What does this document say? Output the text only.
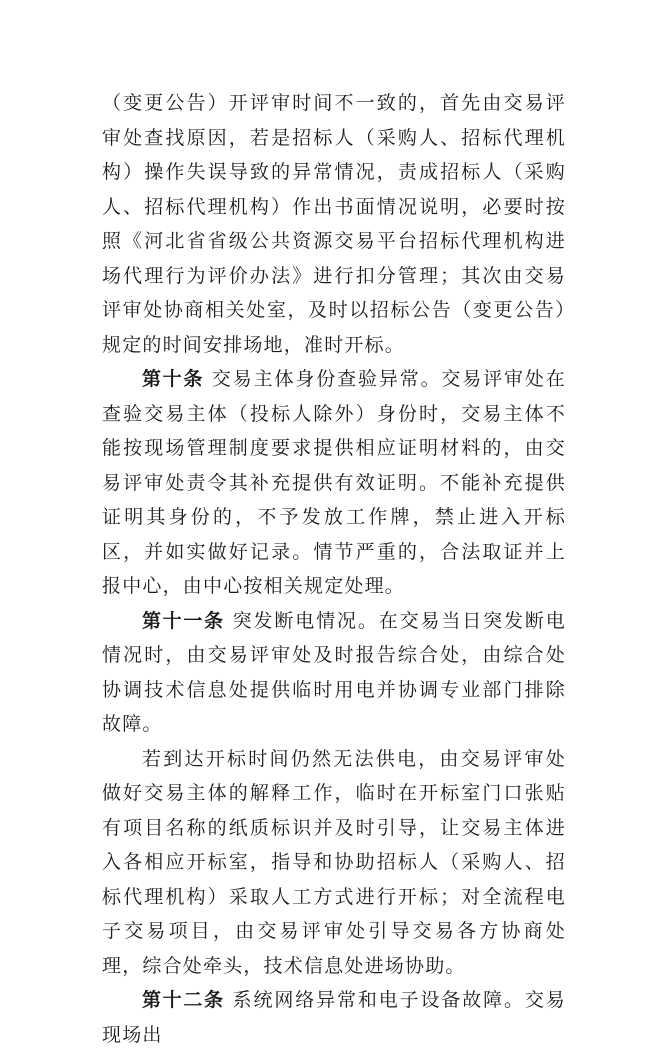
（变更公告）开评审时间不一致的，首先由交易评审处查找原因，若是招标人（采购人、招标代理机构）操作失误导致的异常情况，责成招标人（采购人、招标代理机构）作出书面情况说明，必要时按照《河北省省级公共资源交易平台招标代理机构进场代理行为评价办法》进行扣分管理；其次由交易评审处协商相关处室，及时以招标公告（变更公告）规定的时间安排场地，准时开标。

第十条 交易主体身份查验异常。交易评审处在查验交易主体（投标人除外）身份时，交易主体不能按现场管理制度要求提供相应证明材料的，由交易评审处责令其补充提供有效证明。不能补充提供证明其身份的，不予发放工作牌，禁止进入开标区，并如实做好记录。情节严重的，合法取证并上报中心，由中心按相关规定处理。

第十一条 突发断电情况。在交易当日突发断电情况时，由交易评审处及时报告综合处，由综合处协调技术信息处提供临时用电并协调专业部门排除故障。

若到达开标时间仍然无法供电，由交易评审处做好交易主体的解释工作，临时在开标室门口张贴有项目名称的纸质标识并及时引导，让交易主体进入各相应开标室，指导和协助招标人（采购人、招标代理机构）采取人工方式进行开标；对全流程电子交易项目，由交易评审处引导交易各方协商处理，综合处牵头，技术信息处进场协助。

第十二条 系统网络异常和电子设备故障。交易现场出
